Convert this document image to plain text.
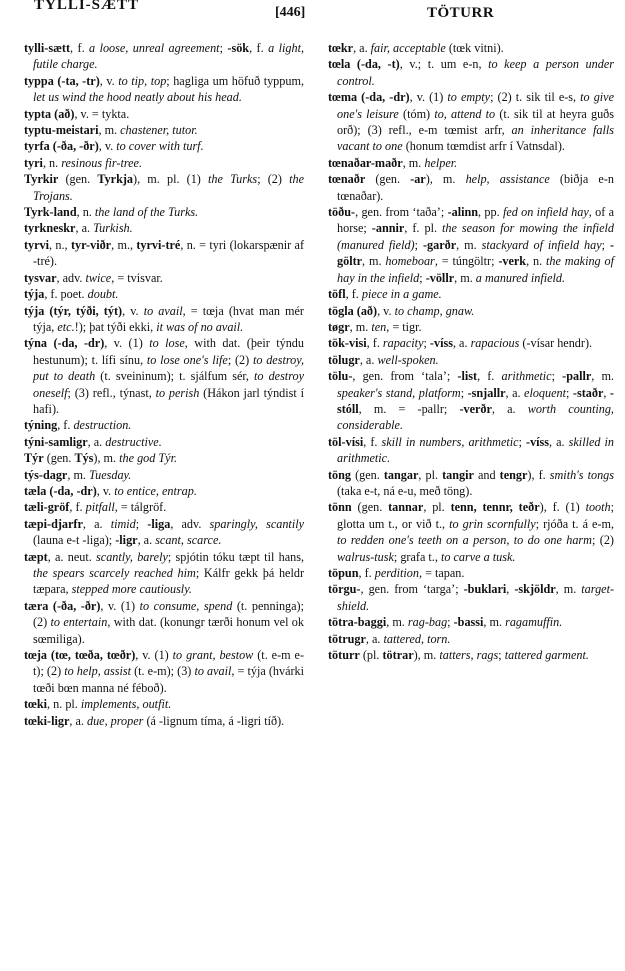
TYLLI-SÆTT	[446]	TÖTURR

tylli-sætt, f. a loose, unreal agreement; -sök, f. a light, futile charge.

typpa (-ta, -tr), v. to tip, top; hagliga um höfuð typpum, let us wind the hood neatly about his head.

typta (að), v. = tykta.

typtu-meistari, m. chastener, tutor.

tyrfa (-ða, -ðr), v. to cover with turf.

tyri, n. resinous fir-tree.

Tyrkir (gen. Tyrkja), m. pl. (1) the Turks; (2) the Trojans.

Tyrk-land, n. the land of the Turks.

tyrkneskr, a. Turkish.

tyrvi, n., tyr-viðr, m., tyrvi-tré, n. = tyri (lokarspænir af -tré).

tysvar, adv. twice, = tvisvar.

týja, f. poet. doubt.

týja (týr, týði, týt), v. to avail, = tœja (hvat man mér týja, etc.!); þat týði ekki, it was of no avail.

týna (-da, -dr), v. (1) to lose, with dat. (þeir týndu hestunum); t. lífi sínu, to lose one's life; (2) to destroy, put to death (t. sveininum); t. sjálfum sér, to destroy oneself; (3) refl., týnast, to perish (Hákon jarl týndist í hafi).

týning, f. destruction.

týni-samligr, a. destructive.

Týr (gen. Týs), m. the god Týr.

týs-dagr, m. Tuesday.

tæla (-da, -dr), v. to entice, entrap.

tæli-gröf, f. pitfall, = tálgröf.

tæpi-djarfr, a. timid; -liga, adv. sparingly, scantily (launa e-t -liga); -ligr, a. scant, scarce.

tæpt, a. neut. scantly, barely; spjótin tóku tæpt til hans, the spears scarcely reached him; Kálfr gekk þá heldr tæpara, stepped more cautiously.

tæra (-ða, -ðr), v. (1) to consume, spend (t. penninga); (2) to entertain, with dat. (konungr tærði honum vel ok sœmiliga).

tœja (tœ, tœða, tœðr), v. (1) to grant, bestow (t. e-m e-t); (2) to help, assist (t. e-m); (3) to avail, = týja (hvárki tœði bœn manna né féboð).

tœki, n. pl. implements, outfit.

tœki-ligr, a. due, proper (á -lignum tíma, á -ligri tíð).

tœkr, a. fair, acceptable (tœk vitni).

tœla (-da, -t), v.; t. um e-n, to keep a person under control.

tœma (-da, -dr), v. (1) to empty; (2) t. sik til e-s, to give one's leisure (tóm) to, attend to (t. sik til at heyra guðs orð); (3) refl., e-m tœmist arfr, an inheritance falls vacant to one (honum tœmdist arfr í Vatnsdal).

tœnaðar-maðr, m. helper.

tœnaðr (gen. -ar), m. help, assistance (biðja e-n tœnaðar).

töðu-, gen. from ‘taða’; -alinn, pp. fed on infield hay, of a horse; -annir, f. pl. the season for mowing the infield (manured field); -garðr, m. stackyard of infield hay; -göltr, m. homeboar, = túngöltr; -verk, n. the making of hay in the infield; -völlr, m. a manured infield.

töfl, f. piece in a game.

tögla (að), v. to champ, gnaw.

tøgr, m. ten, = tigr.

tök-visi, f. rapacity; -víss, a. rapacious (-vísar hendr).

tölugr, a. well-spoken.

tölu-, gen. from ‘tala’; -list, f. arithmetic; -pallr, m. speaker's stand, platform; -snjallr, a. eloquent; -staðr, -stóll, m. = -pallr; -verðr, a. worth counting, considerable.

töl-vísi, f. skill in numbers, arithmetic; -víss, a. skilled in arithmetic.

töng (gen. tangar, pl. tangir and tengr), f. smith's tongs (taka e-t, ná e-u, með töng).

tönn (gen. tannar, pl. tenn, tennr, teðr), f. (1) tooth; glotta um t., or við t., to grin scornfully; rjóða t. á e-m, to redden one's teeth on a person, to do one harm; (2) walrus-tusk; grafa t., to carve a tusk.

töpun, f. perdition, = tapan.

törgu-, gen. from ‘targa’; -buklari, -skjöldr, m. target-shield.

tötra-baggi, m. rag-bag; -bassi, m. ragamuffin.

tötrugr, a. tattered, torn.

töturr (pl. tötrar), m. tatters, rags; tattered garment.
